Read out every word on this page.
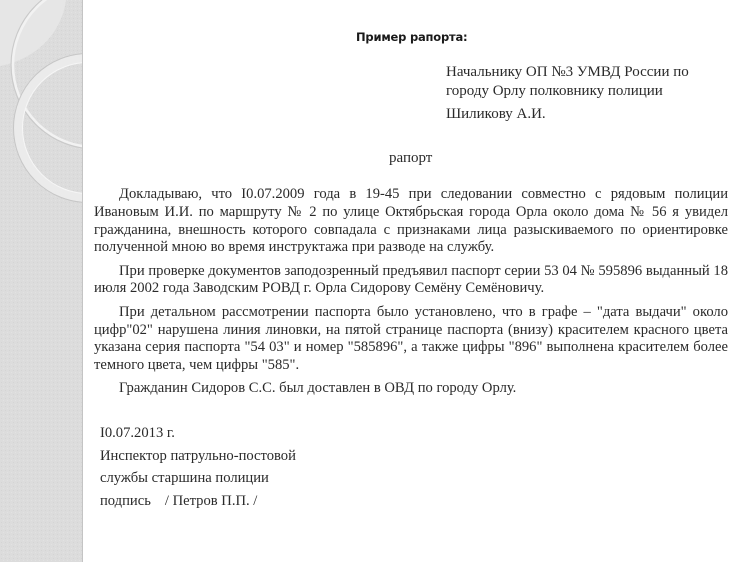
Пример рапорта:
Начальнику ОП №3 УМВД России по
городу Орлу полковнику полиции
Шиликову А.И.
рапорт

Докладываю, что I0.07.2009 года в 19-45 при следовании совместно с рядовым полиции Ивановым И.И. по маршруту № 2 по улице Октябрьская города Орла около дома № 56 я увидел гражданина, внешность которого совпадала с признаками лица разыскиваемого по ориентировке полученной мною во время инструктажа при разводе на службу.

При проверке документов заподозренный предъявил паспорт серии 53 04 № 595896 выданный 18 июля 2002 года Заводским РОВД г. Орла Сидорову Семёну Семёновичу.

При детальном рассмотрении паспорта было установлено, что в графе – "дата выдачи" около цифр"02" нарушена линия линовки, на пятой странице паспорта (внизу) красителем красного цвета указана серия паспорта "54 03" и номер "585896", а также цифры "896" выполнена красителем более темного цвета, чем цифры "585".

Гражданин Сидоров С.С. был доставлен в ОВД по городу Орлу.

I0.07.2013 г.
Инспектор патрульно-постовой
службы старшина полиции
подпись / Петров П.П. /
